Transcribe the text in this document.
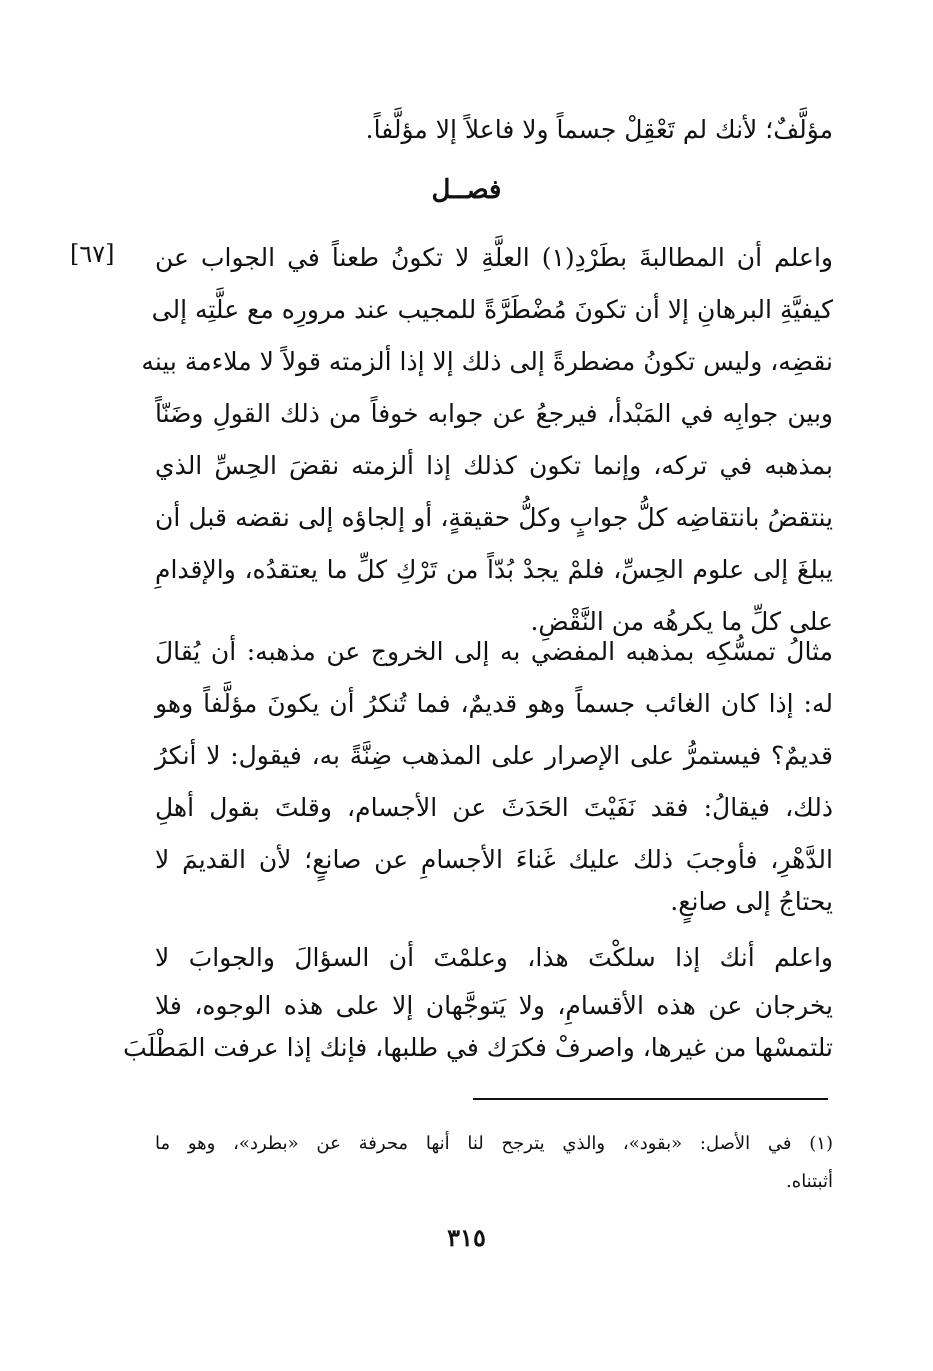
مؤلَّفٌ؛ لأنك لم تَعْقِلْ جسماً ولا فاعلاً إلا مؤلَّفاً.
فصــل
[٦٧] واعلم أن المطالبةَ بطَرْدِ(١) العلَّةِ لا تكونُ طعناً في الجواب عن
كيفيَّةِ البرهانِ إلا أن تكونَ مُضْطَرَّةً للمجيب عند مرورِه مع علَّتِه إلى
نقضِه، وليس تكونُ مضطرةً إلى ذلك إلا إذا ألزمته قولاً لا ملاءمة بينه
وبين جوابِه في المَبْدأ، فيرجعُ عن جوابه خوفاً من ذلك القولِ وضَنّاً
بمذهبه في تركه، وإنما تكون كذلك إذا ألزمته نقضَ الحِسِّ الذي
ينتقضُ بانتقاضِه كلُّ جوابٍ وكلُّ حقيقةٍ، أو إلجاؤه إلى نقضه قبل أن
يبلغَ إلى علوم الحِسِّ، فلمْ يجدْ بُدّاً من تَرْكِ كلِّ ما يعتقدُه، والإقدامِ
على كلِّ ما يكرهُه من النَّقْضِ.
مثالُ تمسُّكِه بمذهبه المفضي به إلى الخروج عن مذهبه: أن يُقالَ
له: إذا كان الغائب جسماً وهو قديمٌ، فما تُنكرُ أن يكونَ مؤلَّفاً وهو
قديمٌ؟ فيستمرُّ على الإصرار على المذهب ضِنَّةً به، فيقول: لا أنكرُ
ذلك، فيقالُ: فقد نَفَيْتَ الحَدَثَ عن الأجسام، وقلتَ بقول أهلِ
الدَّهْرِ، فأوجبَ ذلك عليك غَناءَ الأجسامِ عن صانعٍ؛ لأن القديمَ لا
يحتاجُ إلى صانعٍ.
واعلم أنك إذا سلكْتَ هذا، وعلمْتَ أن السؤالَ والجوابَ لا
يخرجان عن هذه الأقسامِ، ولا يَتوجَّهان إلا على هذه الوجوه، فلا
تلتمسْها من غيرها، واصرفْ فكرَك في طلبها، فإنك إذا عرفت المَطْلَبَ
(١) في الأصل: «بقود»، والذي يترجح لنا أنها محرفة عن «بطرد»، وهو ما
أثبتناه.
٣١٥
